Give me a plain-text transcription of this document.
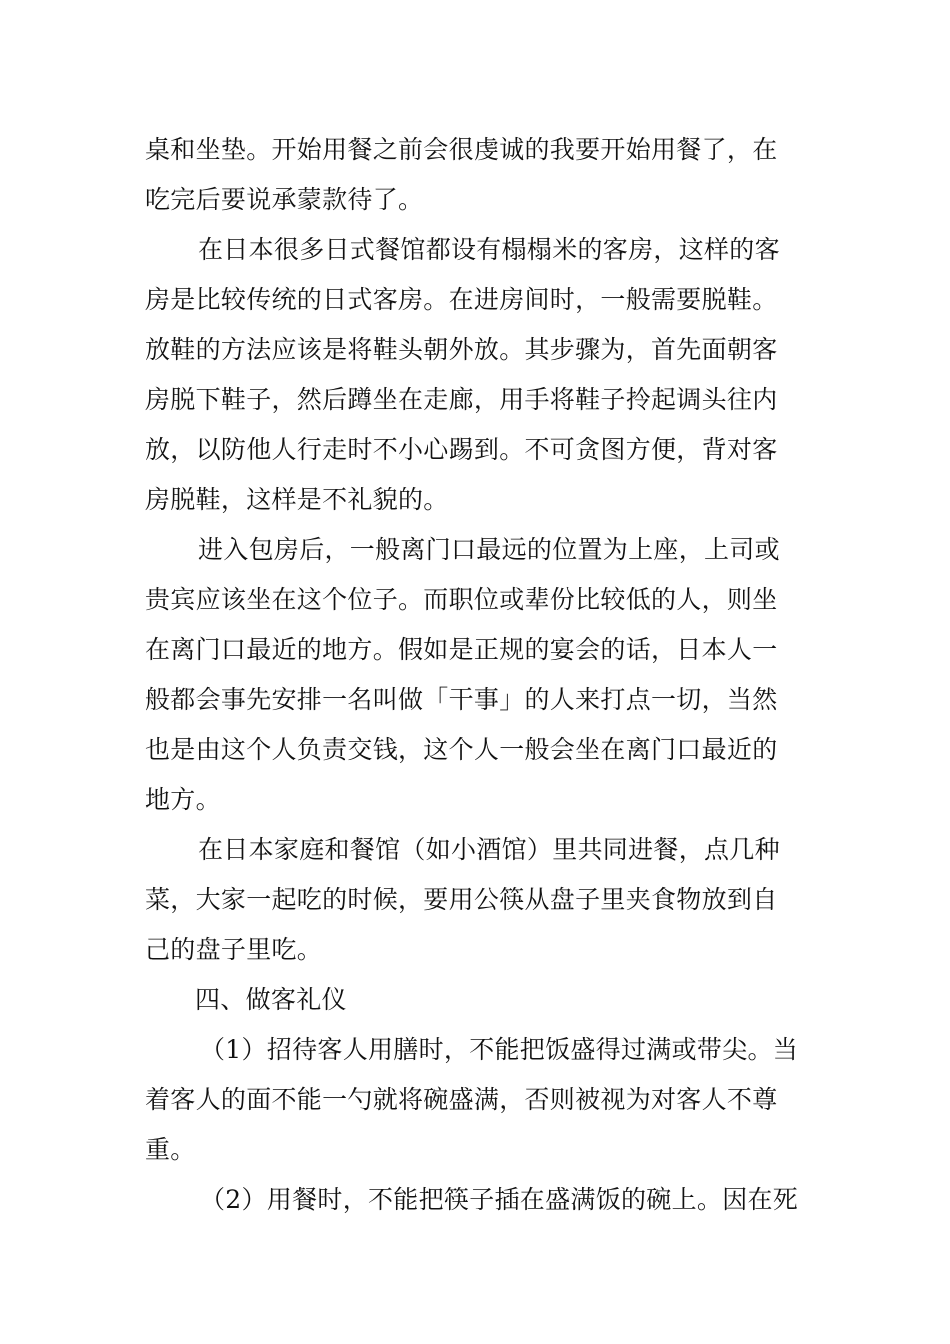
桌和坐垫。开始用餐之前会很虔诚的我要开始用餐了，在
吃完后要说承蒙款待了。
在日本很多日式餐馆都设有榻榻米的客房，这样的客
房是比较传统的日式客房。在进房间时，一般需要脱鞋。
放鞋的方法应该是将鞋头朝外放。其步骤为，首先面朝客
房脱下鞋子，然后蹲坐在走廊，用手将鞋子拎起调头往内
放，以防他人行走时不小心踢到。不可贪图方便，背对客
房脱鞋，这样是不礼貌的。
进入包房后，一般离门口最远的位置为上座，上司或
贵宾应该坐在这个位子。而职位或辈份比较低的人，则坐
在离门口最近的地方。假如是正规的宴会的话，日本人一
般都会事先安排一名叫做「干事」的人来打点一切，当然
也是由这个人负责交钱，这个人一般会坐在离门口最近的
地方。
在日本家庭和餐馆（如小酒馆）里共同进餐，点几种
菜，大家一起吃的时候，要用公筷从盘子里夹食物放到自
己的盘子里吃。
四、做客礼仪
（1）招待客人用膳时，不能把饭盛得过满或带尖。当
着客人的面不能一勺就将碗盛满，否则被视为对客人不尊
重。
（2）用餐时，不能把筷子插在盛满饭的碗上。因在死
